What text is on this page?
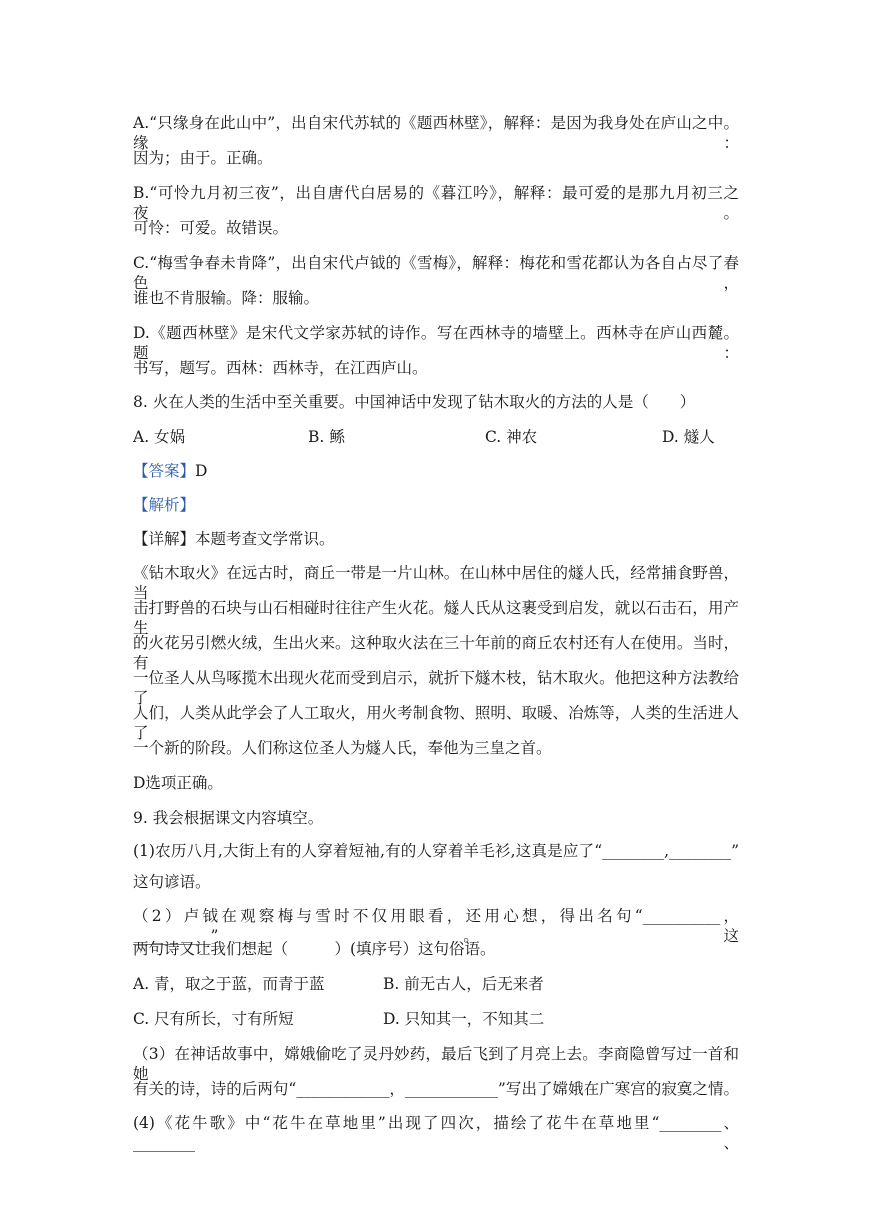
A.“只缘身在此山中”，出自宋代苏轼的《题西林壁》，解释：是因为我身处在庐山之中。缘：
因为；由于。正确。
B.“可怜九月初三夜”，出自唐代白居易的《暮江吟》，解释：最可爱的是那九月初三之夜。
可怜：可爱。故错误。
C.“梅雪争春未肯降”，出自宋代卢钺的《雪梅》，解释：梅花和雪花都认为各自占尽了春色，
谁也不肯服输。降：服输。
D.《题西林壁》是宋代文学家苏轼的诗作。写在西林寺的墙壁上。西林寺在庐山西麓。题：
书写，题写。西林：西林寺，在江西庐山。
8. 火在人类的生活中至关重要。中国神话中发现了钻木取火的方法的人是（　　）
A. 女娲	B. 鲧	C. 神农	D. 燧人
【答案】D
【解析】
【详解】本题考查文学常识。
《钻木取火》在远古时，商丘一带是一片山林。在山林中居住的燧人氏，经常捕食野兽，当
击打野兽的石块与山石相碰时往往产生火花。燧人氏从这裹受到启发，就以石击石，用产生
的火花另引燃火绒，生出火来。这种取火法在三十年前的商丘农村还有人在使用。当时，有
一位圣人从鸟啄揽木出现火花而受到启示，就折下燧木枝，钻木取火。他把这种方法教给了
人们，人类从此学会了人工取火，用火考制食物、照明、取暖、冶炼等，人类的生活进人了
一个新的阶段。人们称这位圣人为燧人氏，奉他为三皇之首。
D选项正确。
9. 我会根据课文内容填空。
(1)农历八月,大街上有的人穿着短袖,有的人穿着羊毛衫,这真是应了“________,________”
这句谚语。
（2）卢钺在观察梅与雪时不仅用眼看，还用心想，得出名句“__________，__________”。这
两句诗又让我们想起（　　　）(填序号）这句俗语。
A. 青，取之于蓝，而青于蓝	B. 前无古人，后无来者
C. 尺有所长，寸有所短	D. 只知其一，不知其二
（3）在神话故事中，嫦娥偷吃了灵丹妙药，最后飞到了月亮上去。李商隐曾写过一首和她
有关的诗，诗的后两句“____________，____________”写出了嫦娥在广寒宫的寂寞之情。
(4)《花牛歌》中“花牛在草地里”出现了四次，描绘了花牛在草地里“________、________、
